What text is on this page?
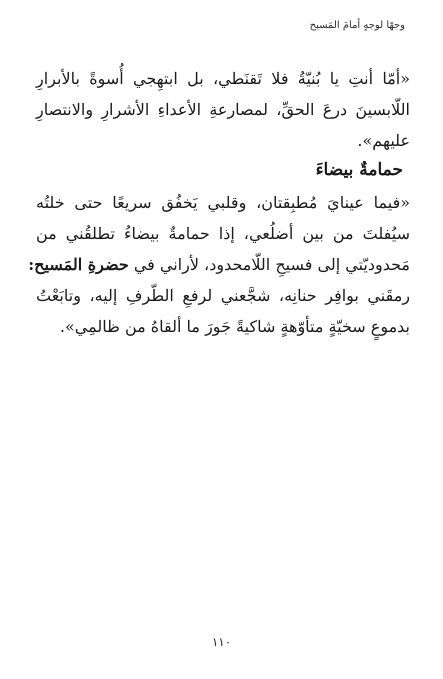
وجهًا لوجهٍ أمامَ المَسيح
«أمّا أنتِ يا بُنيّةُ فلا تَقنَطي، بل ابتهِجي أُسوةً بالأبرارِ
اللّابسينَ درعَ الحقِّ، لمصارعةِ الأعداءِ الأشرارِ والانتصارِ
عليهم».
حمامةٌ بيضاءَ
«فيما عينايَ مُطبِقتان، وقلبي يَخفُق سريعًا حتى خلتُه
سيُفلتَ من بين أضلُعي، إذا حمامةٌ بيضاءُ تطلقُني من
مَحدوديّتي إلى فسيحِ اللّامحدود، لأراني في حضرةِ المَسيح:
رمقَني بوافِر حنانِه، شجَّعني لرفعِ الطّرفِ إليه، وتابَعْتُ
بدموعٍ سخيّةٍ متأوّهةٍ شاكيةً جَورَ ما ألقاهُ من ظالمِي».
١١٠
